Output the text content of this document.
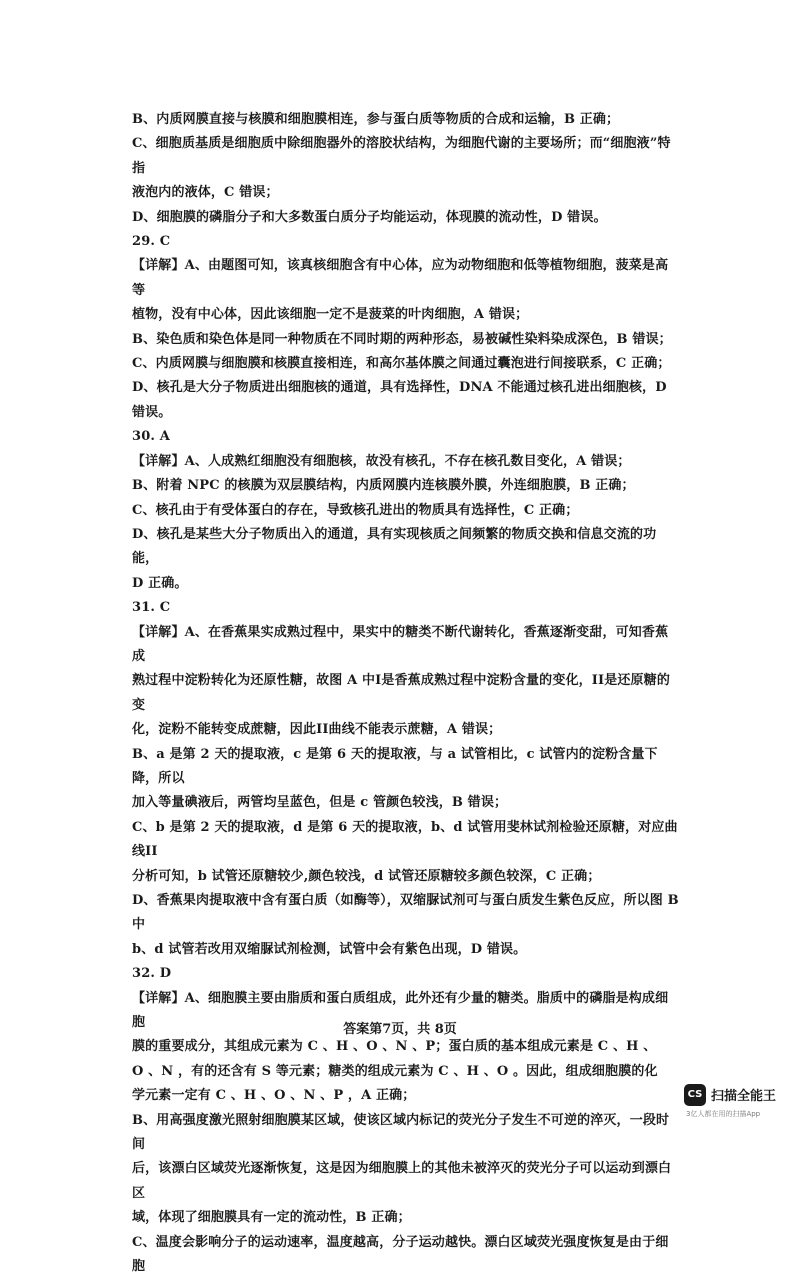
B、内质网膜直接与核膜和细胞膜相连，参与蛋白质等物质的合成和运输，B 正确；

C、细胞质基质是细胞质中除细胞器外的溶胶状结构，为细胞代谢的主要场所；而“细胞液”特指

液泡内的液体，C 错误；

D、细胞膜的磷脂分子和大多数蛋白质分子均能运动，体现膜的流动性，D 错误。

29. C

【详解】A、由题图可知，该真核细胞含有中心体，应为动物细胞和低等植物细胞，菠菜是高等

植物，没有中心体，因此该细胞一定不是菠菜的叶肉细胞，A 错误；

B、染色质和染色体是同一种物质在不同时期的两种形态，易被碱性染料染成深色，B 错误；

C、内质网膜与细胞膜和核膜直接相连，和高尔基体膜之间通过囊泡进行间接联系，C 正确；

D、核孔是大分子物质进出细胞核的通道，具有选择性，DNA 不能通过核孔进出细胞核，D 错误。

30. A

【详解】A、人成熟红细胞没有细胞核，故没有核孔，不存在核孔数目变化，A 错误；

B、附着 NPC 的核膜为双层膜结构，内质网膜内连核膜外膜，外连细胞膜，B 正确；

C、核孔由于有受体蛋白的存在，导致核孔进出的物质具有选择性，C 正确；

D、核孔是某些大分子物质出入的通道，具有实现核质之间频繁的物质交换和信息交流的功能，

D 正确。

31. C

【详解】A、在香蕉果实成熟过程中，果实中的糖类不断代谢转化，香蕉逐渐变甜，可知香蕉成

熟过程中淀粉转化为还原性糖，故图 A 中I是香蕉成熟过程中淀粉含量的变化，II是还原糖的变

化，淀粉不能转变成蔗糖，因此II曲线不能表示蔗糖，A 错误；

B、a 是第 2 天的提取液，c 是第 6 天的提取液，与 a 试管相比，c 试管内的淀粉含量下降，所以

加入等量碘液后，两管均呈蓝色，但是 c 管颜色较浅，B 错误；

C、b 是第 2 天的提取液，d 是第 6 天的提取液，b、d 试管用斐林试剂检验还原糖，对应曲线II

分析可知，b 试管还原糖较少,颜色较浅，d 试管还原糖较多颜色较深，C 正确；

D、香蕉果肉提取液中含有蛋白质（如酶等），双缩脲试剂可与蛋白质发生紫色反应，所以图 B 中

b、d 试管若改用双缩脲试剂检测，试管中会有紫色出现，D 错误。

32. D

【详解】A、细胞膜主要由脂质和蛋白质组成，此外还有少量的糖类。脂质中的磷脂是构成细胞

膜的重要成分，其组成元素为 C 、H 、O 、N 、P；蛋白质的基本组成元素是 C 、H 、

O 、N ，有的还含有 S 等元素；糖类的组成元素为 C 、H 、O 。因此，组成细胞膜的化

学元素一定有 C 、H 、O 、N 、P ，A 正确；

B、用高强度激光照射细胞膜某区域，使该区域内标记的荧光分子发生不可逆的淬灭，一段时间

后，该漂白区域荧光逐渐恢复，这是因为细胞膜上的其他未被淬灭的荧光分子可以运动到漂白区

域，体现了细胞膜具有一定的流动性，B 正确；

C、温度会影响分子的运动速率，温度越高，分子运动越快。漂白区域荧光强度恢复是由于细胞

答案第7页，共 8页
CS 扫描全能王
3亿人都在用的扫描App
